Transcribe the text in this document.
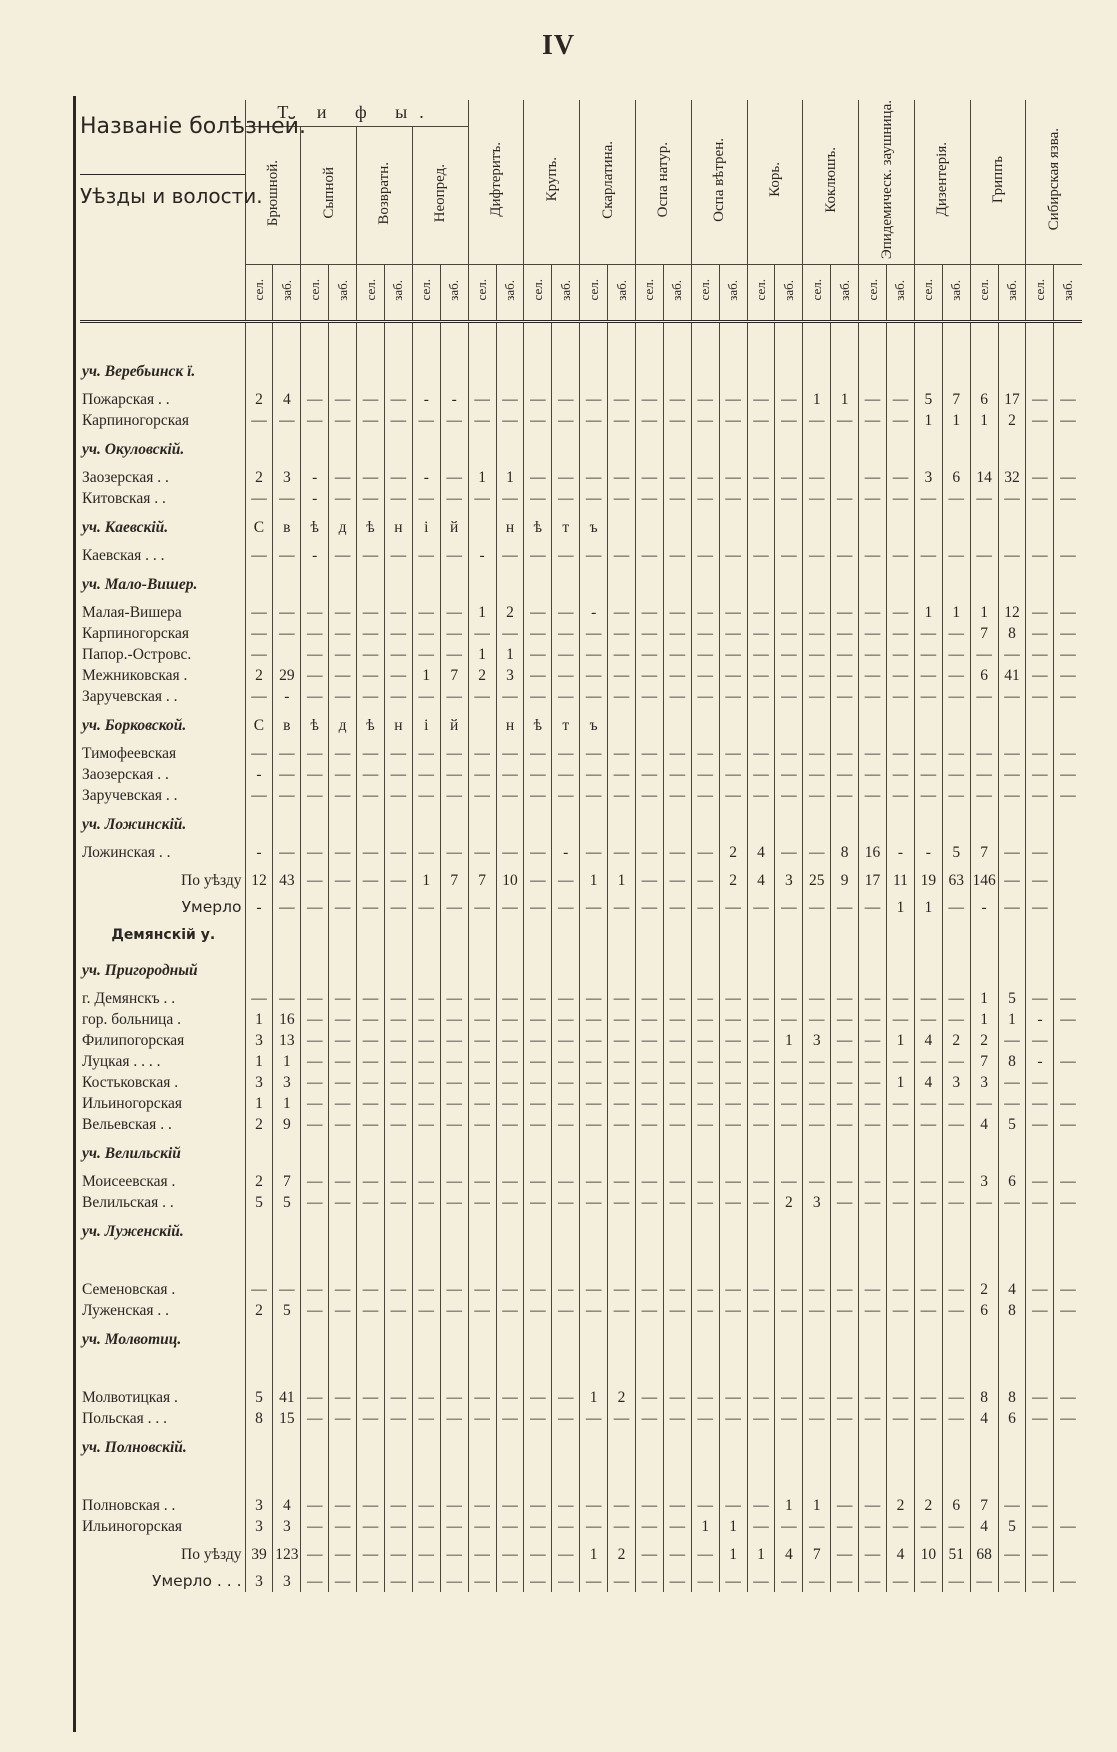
IV
Названіе болѣзней.
Уѣзды и волости.	Т и ф ы.								Дифтеритъ.		Крупъ.		Скарлатина.		Оспа натур.		Оспа вѣтрен.		Корь.		Коклюшъ.		Эпидемическ. заушница.		Дизентерія.		Гриппъ		Сибирская язва.	
	Брюшной.		Сыпной		Возвратн.		Неопред.																							
	сел.	заб.	сел.	заб.	сел.	заб.	сел.	заб.	сел.	заб.	сел.	заб.	сел.	заб.	сел.	заб.	сел.	заб.	сел.	заб.	сел.	заб.	сел.	заб.	сел.	заб.	сел.	заб.	сел.	заб.

уч. Веребьинск ї.																														
Пожарская . .	2	4	—	—	—	—	-	-	—	—	—	—	—	—	—	—	—	—	—	—	1	1	—	—	5	7	6	17	—	—
Карпиногорская	—	—	—	—	—	—	—	—	—	—	—	—	—	—	—	—	—	—	—	—	—	—	—	—	1	1	1	2	—	—
уч. Окуловскій.																														
Заозерская . .	2	3	-	—	—	—	-	—	1	1	—	—	—	—	—	—	—	—	—	—	—		—	—	3	6	14	32	—	—
Китовская . .	—	—	-	—	—	—	—	—	—	—	—	—	—	—	—	—	—	—	—	—	—	—	—	—	—	—	—	—	—	—
уч. Каевскій.	С	в	ѣ	д	ѣ	н	і	й		н	ѣ	т	ъ																	
Каевская . . .	—	—	-	—	—	—	—	—	-	—	—	—	—	—	—	—	—	—	—	—	—	—	—	—	—	—	—	—	—	—
уч. Мало-Вишер.																														
Малая-Вишера	—	—	—	—	—	—	—	—	1	2	—	—	-	—	—	—	—	—	—	—	—	—	—	—	1	1	1	12	—	—
Карпиногорская	—	—	—	—	—	—	—	—	—	—	—	—	—	—	—	—	—	—	—	—	—	—	—	—	—	—	7	8	—	—
Папор.-Островс.	—		—	—	—	—	—	—	1	1	—	—	—	—	—	—	—	—	—	—	—	—	—	—	—	—	—	—	—	—
Межниковская .	2	29	—	—	—	—	1	7	2	3	—	—	—	—	—	—	—	—	—	—	—	—	—	—	—	—	6	41	—	—
Заручевская . .	—	-	—	—	—	—	—	—	—	—	—	—	—	—	—	—	—	—	—	—	—	—	—	—	—	—	—	—	—	—
уч. Борковской.	С	в	ѣ	д	ѣ	н	і	й		н	ѣ	т	ъ																	
Тимофеевская	—	—	—	—	—	—	—	—	—	—	—	—	—	—	—	—	—	—	—	—	—	—	—	—	—	—	—	—	—	—
Заозерская . .	-	—	—	—	—	—	—	—	—	—	—	—	—	—	—	—	—	—	—	—	—	—	—	—	—	—	—	—	—	—
Заручевская . .	—	—	—	—	—	—	—	—	—	—	—	—	—	—	—	—	—	—	—	—	—	—	—	—	—	—	—	—	—	—
уч. Ложинскій.																														
Ложинская . .	-	—	—	—	—	—	—	—	—	—	—	-	—	—	—	—	—	2	4	—	—	8	16	-	-	5	7	—	—	
По уѣзду	12	43	—	—	—	—	1	7	7	10	—	—	1	1	—	—	—	2	4	3	25	9	17	11	19	63	146	—	—	
Умерло	-	—	—	—	—	—	—	—	—	—	—	—	—	—	—	—	—	—	—	—	—	—	—	1	1	—	-	—	—	
Демянскій у.																														
уч. Пригородный																														
г. Демянскъ . .	—	—	—	—	—	—	—	—	—	—	—	—	—	—	—	—	—	—	—	—	—	—	—	—	—	—	1	5	—	—
гор. больница .	1	16	—	—	—	—	—	—	—	—	—	—	—	—	—	—	—	—	—	—	—	—	—	—	—	—	1	1	-	—
Филипогорская	3	13	—	—	—	—	—	—	—	—	—	—	—	—	—	—	—	—	—	1	3	—	—	1	4	2	2	—	—	
Луцкая . . . .	1	1	—	—	—	—	—	—	—	—	—	—	—	—	—	—	—	—	—	—	—	—	—	—	—	—	7	8	-	—
Костьковская .	3	3	—	—	—	—	—	—	—	—	—	—	—	—	—	—	—	—	—	—	—	—	—	1	4	3	3	—	—	
Ильиногорская	1	1	—	—	—	—	—	—	—	—	—	—	—	—	—	—	—	—	—	—	—	—	—	—	—	—	—	—	—	—
Вельевская . .	2	9	—	—	—	—	—	—	—	—	—	—	—	—	—	—	—	—	—	—	—	—	—	—	—	—	4	5	—	—
уч. Велильскій																														
Моисеевская .	2	7	—	—	—	—	—	—	—	—	—	—	—	—	—	—	—	—	—	—	—	—	—	—	—	—	3	6	—	—
Велильская . .	5	5	—	—	—	—	—	—	—	—	—	—	—	—	—	—	—	—	—	2	3	—	—	—	—	—	—	—	—	—
уч. Луженскій.																														

Семеновская .	—	—	—	—	—	—	—	—	—	—	—	—	—	—	—	—	—	—	—	—	—	—	—	—	—	—	2	4	—	—
Луженская . .	2	5	—	—	—	—	—	—	—	—	—	—	—	—	—	—	—	—	—	—	—	—	—	—	—	—	6	8	—	—
уч. Молвотиц.																														

Молвотицкая .	5	41	—	—	—	—	—	—	—	—	—	—	1	2	—	—	—	—	—	—	—	—	—	—	—	—	8	8	—	—
Польская . . .	8	15	—	—	—	—	—	—	—	—	—	—	—	—	—	—	—	—	—	—	—	—	—	—	—	—	4	6	—	—
уч. Полновскій.																														

Полновская . .	3	4	—	—	—	—	—	—	—	—	—	—	—	—	—	—	—	—	—	1	1	—	—	2	2	6	7	—	—	
Ильиногорская	3	3	—	—	—	—	—	—	—	—	—	—	—	—	—	—	1	1	—	—	—	—	—	—	—	—	4	5	—	—
По уѣзду	39	123	—	—	—	—	—	—	—	—	—	—	1	2	—	—	—	1	1	4	7	—	—	4	10	51	68	—	—	
Умерло . . .	3	3	—	—	—	—	—	—	—	—	—	—	—	—	—	—	—	—	—	—	—	—	—	—	—	—	—	—	—	—
